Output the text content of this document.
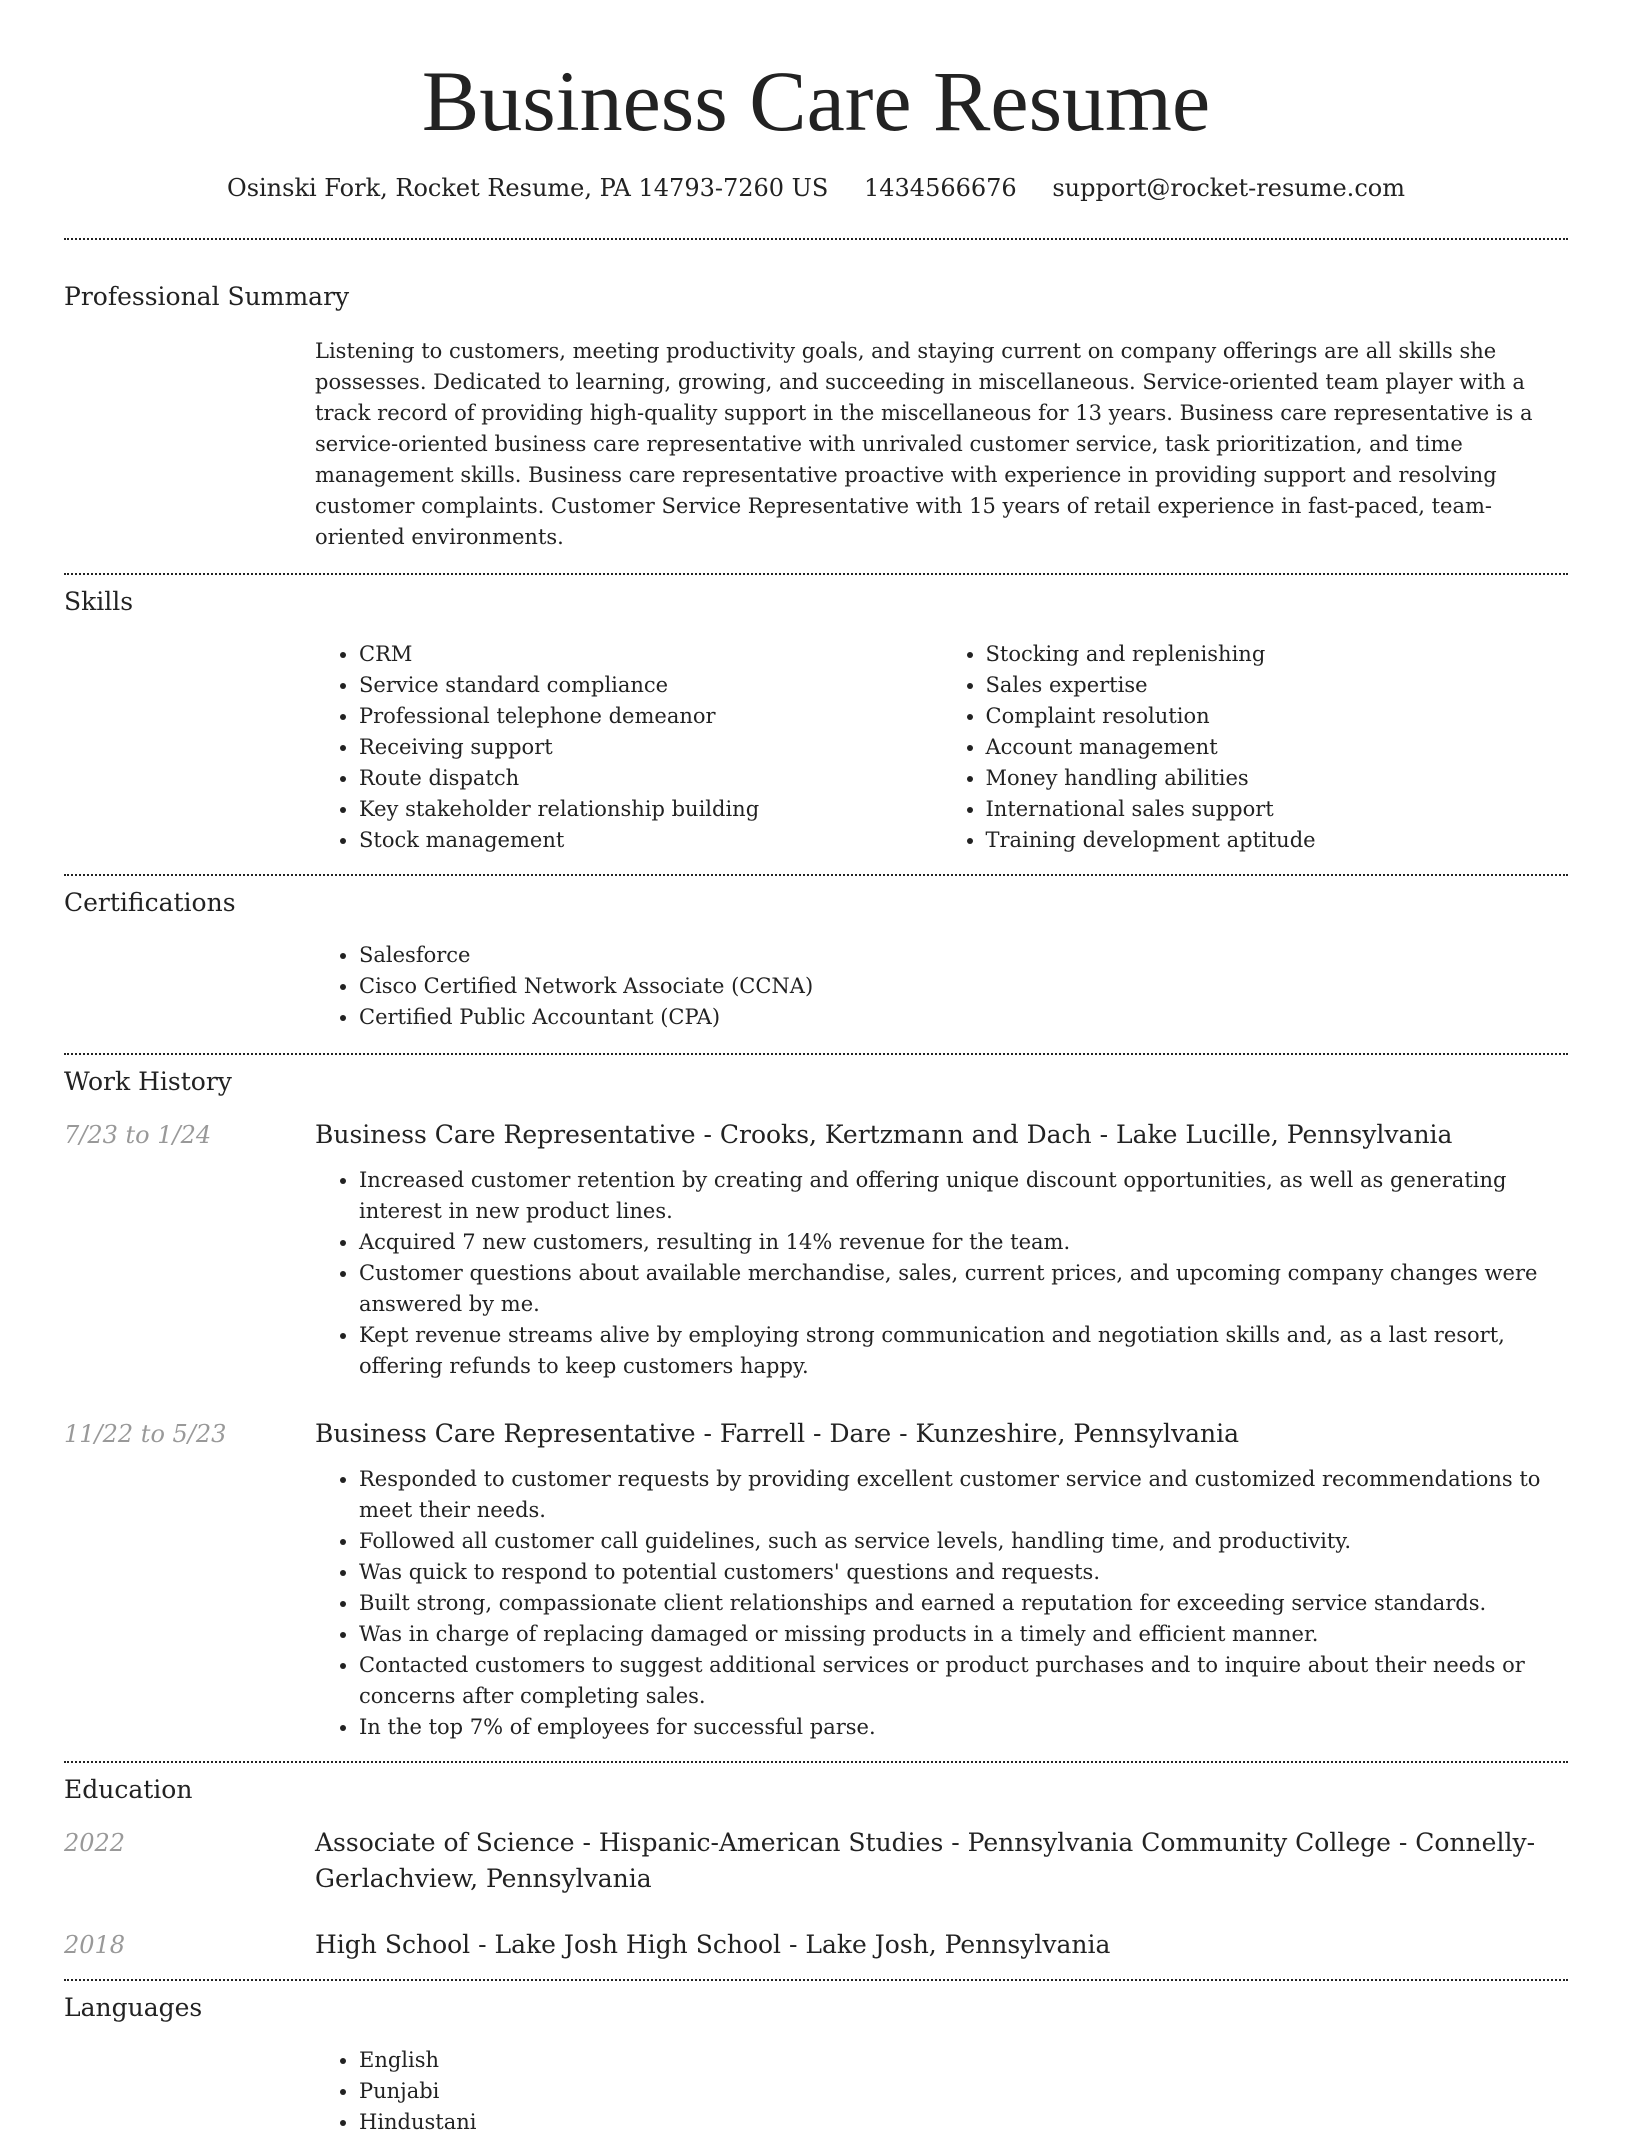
Business Care Resume
Osinski Fork, Rocket Resume, PA 14793-7260 US 1434566676 support@rocket-resume.com
Professional Summary

Listening to customers, meeting productivity goals, and staying current on company offerings are all skills she possesses. Dedicated to learning, growing, and succeeding in miscellaneous. Service-oriented team player with a track record of providing high-quality support in the miscellaneous for 13 years. Business care representative is a service-oriented business care representative with unrivaled customer service, task prioritization, and time management skills. Business care representative proactive with experience in providing support and resolving customer complaints. Customer Service Representative with 15 years of retail experience in fast-paced, team-oriented environments.

Skills
• CRM
• Service standard compliance
• Professional telephone demeanor
• Receiving support
• Route dispatch
• Key stakeholder relationship building
• Stock management
• Stocking and replenishing
• Sales expertise
• Complaint resolution
• Account management
• Money handling abilities
• International sales support
• Training development aptitude
Certifications
• Salesforce
• Cisco Certified Network Associate (CCNA)
• Certified Public Accountant (CPA)
Work History
7/23 to 1/24	Business Care Representative - Crooks, Kertzmann and Dach - Lake Lucille, Pennsylvania

• Increased customer retention by creating and offering unique discount opportunities, as well as generating interest in new product lines.
• Acquired 7 new customers, resulting in 14% revenue for the team.
• Customer questions about available merchandise, sales, current prices, and upcoming company changes were answered by me.
• Kept revenue streams alive by employing strong communication and negotiation skills and, as a last resort, offering refunds to keep customers happy.
11/22 to 5/23	Business Care Representative - Farrell - Dare - Kunzeshire, Pennsylvania

• Responded to customer requests by providing excellent customer service and customized recommendations to meet their needs.
• Followed all customer call guidelines, such as service levels, handling time, and productivity.
• Was quick to respond to potential customers' questions and requests.
• Built strong, compassionate client relationships and earned a reputation for exceeding service standards.
• Was in charge of replacing damaged or missing products in a timely and efficient manner.
• Contacted customers to suggest additional services or product purchases and to inquire about their needs or concerns after completing sales.
• In the top 7% of employees for successful parse.
Education
2022	Associate of Science - Hispanic-American Studies - Pennsylvania Community College - Connelly-Gerlachview, Pennsylvania

2018	High School - Lake Josh High School - Lake Josh, Pennsylvania

Languages
• English
• Punjabi
• Hindustani
